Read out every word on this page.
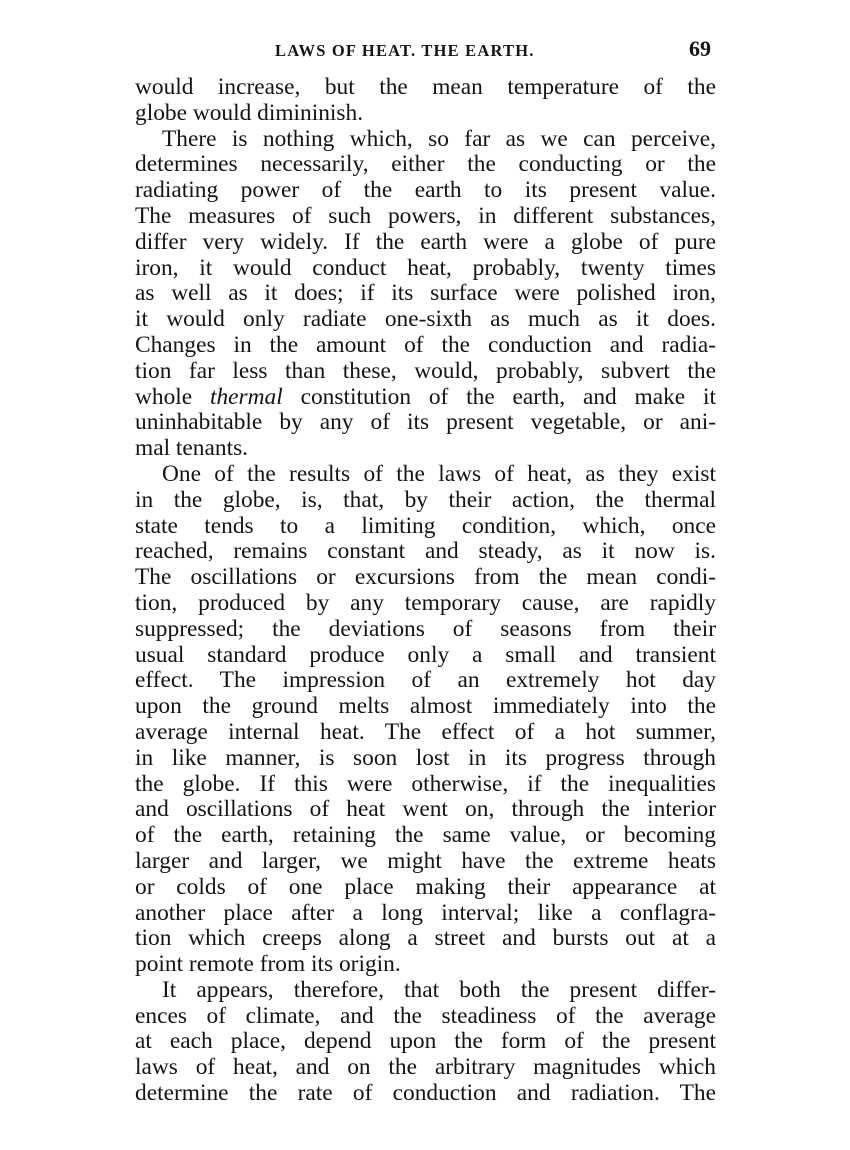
LAWS OF HEAT. THE EARTH.	69
would increase, but the mean temperature of the
globe would dimininish.
There is nothing which, so far as we can perceive,
determines necessarily, either the conducting or the
radiating power of the earth to its present value.
The measures of such powers, in different substances,
differ very widely. If the earth were a globe of pure
iron, it would conduct heat, probably, twenty times
as well as it does; if its surface were polished iron,
it would only radiate one-sixth as much as it does.
Changes in the amount of the conduction and radia-
tion far less than these, would, probably, subvert the
whole thermal constitution of the earth, and make it
uninhabitable by any of its present vegetable, or ani-
mal tenants.
One of the results of the laws of heat, as they exist
in the globe, is, that, by their action, the thermal
state tends to a limiting condition, which, once
reached, remains constant and steady, as it now is.
The oscillations or excursions from the mean condi-
tion, produced by any temporary cause, are rapidly
suppressed; the deviations of seasons from their
usual standard produce only a small and transient
effect. The impression of an extremely hot day
upon the ground melts almost immediately into the
average internal heat. The effect of a hot summer,
in like manner, is soon lost in its progress through
the globe. If this were otherwise, if the inequalities
and oscillations of heat went on, through the interior
of the earth, retaining the same value, or becoming
larger and larger, we might have the extreme heats
or colds of one place making their appearance at
another place after a long interval; like a conflagra-
tion which creeps along a street and bursts out at a
point remote from its origin.
It appears, therefore, that both the present differ-
ences of climate, and the steadiness of the average
at each place, depend upon the form of the present
laws of heat, and on the arbitrary magnitudes which
determine the rate of conduction and radiation. The
